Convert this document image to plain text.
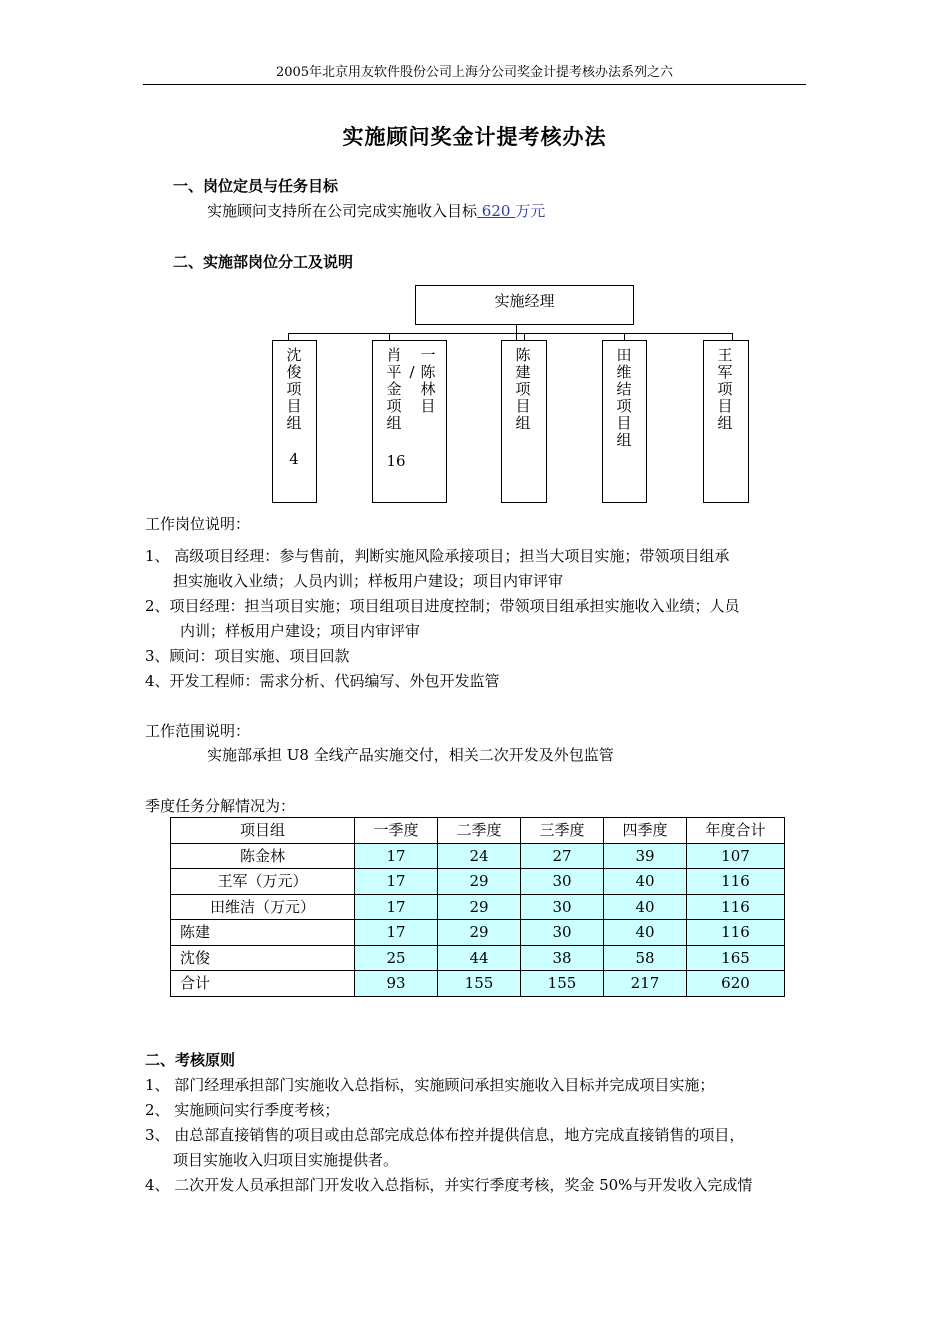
2005年北京用友软件股份公司上海分公司奖金计提考核办法系列之六
实施顾问奖金计提考核办法
一、岗位定员与任务目标
实施顾问支持所在公司完成实施收入目标 620 万元
二、实施部岗位分工及说明
实施经理
沈俊项目组
4
肖平金项组
一陈林目
/
16
陈建项目组
田维结项目组
王军项目组
工作岗位说明：
1、 高级项目经理：参与售前，判断实施风险承接项目；担当大项目实施；带领项目组承
担实施收入业绩；人员内训；样板用户建设；项目内审评审
2、项目经理：担当项目实施；项目组项目进度控制；带领项目组承担实施收入业绩；人员
内训；样板用户建设；项目内审评审
3、顾问：项目实施、项目回款
4、开发工程师：需求分析、代码编写、外包开发监管
工作范围说明：
实施部承担 U8 全线产品实施交付，相关二次开发及外包监管
季度任务分解情况为：
项目组	一季度	二季度	三季度	四季度	年度合计
陈金林	17	24	27	39	107
王军（万元）	17	29	30	40	116
田维洁（万元）	17	29	30	40	116
陈建	17	29	30	40	116
沈俊	25	44	38	58	165
合计	93	155	155	217	620
二、考核原则
1、 部门经理承担部门实施收入总指标，实施顾问承担实施收入目标并完成项目实施；
2、 实施顾问实行季度考核；
3、 由总部直接销售的项目或由总部完成总体布控并提供信息，地方完成直接销售的项目，
项目实施收入归项目实施提供者。
4、 二次开发人员承担部门开发收入总指标，并实行季度考核，奖金 50%与开发收入完成情
